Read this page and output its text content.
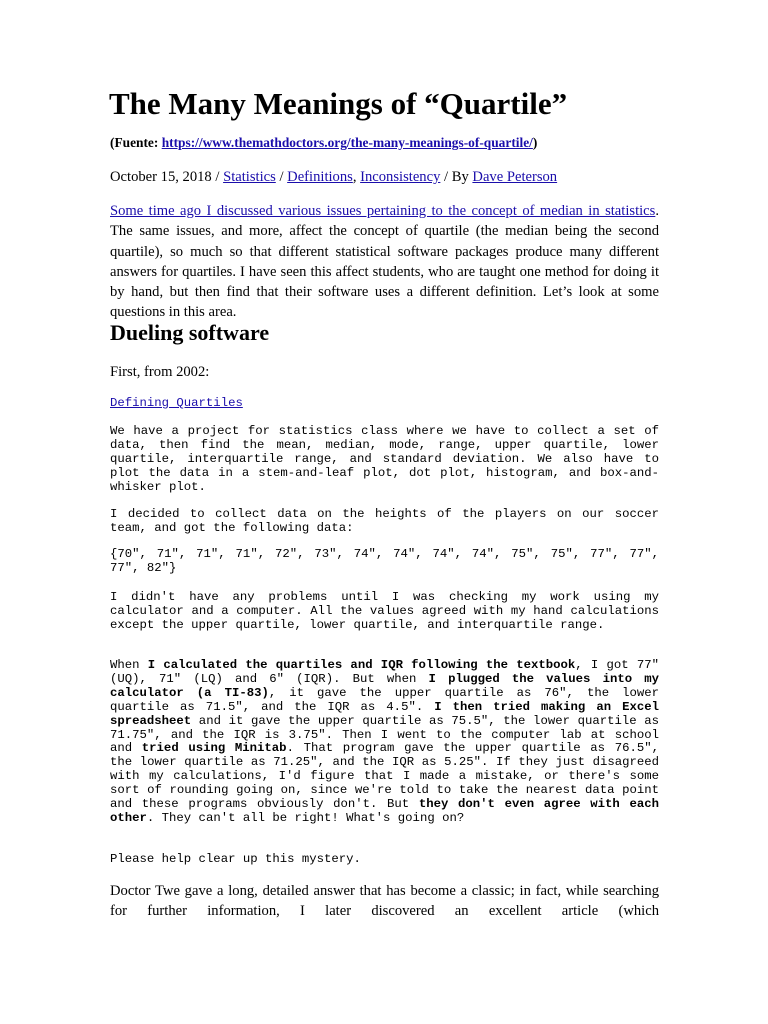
The Many Meanings of “Quartile”

(Fuente: https://www.themathdoctors.org/the-many-meanings-of-quartile/)

October 15, 2018 / Statistics / Definitions, Inconsistency / By Dave Peterson

Some time ago I discussed various issues pertaining to the concept of median in statistics. The same issues, and more, affect the concept of quartile (the median being the second quartile), so much so that different statistical software packages produce many different answers for quartiles. I have seen this affect students, who are taught one method for doing it by hand, but then find that their software uses a different definition. Let’s look at some questions in this area.

Dueling software

First, from 2002:

Defining Quartiles

We have a project for statistics class where we have to collect a set of data, then find the mean, median, mode, range, upper quartile, lower quartile, interquartile range, and standard deviation. We also have to plot the data in a stem-and-leaf plot, dot plot, histogram, and box-and-whisker plot.

I decided to collect data on the heights of the players on our soccer team, and got the following data:

{70", 71", 71", 71", 72", 73", 74", 74", 74", 74", 75", 75", 77", 77", 77", 82"}

I didn't have any problems until I was checking my work using my calculator and a computer. All the values agreed with my hand calculations except the upper quartile, lower quartile, and interquartile range.

When I calculated the quartiles and IQR following the textbook, I got 77" (UQ), 71" (LQ) and 6" (IQR). But when I plugged the values into my calculator (a TI-83), it gave the upper quartile as 76", the lower quartile as 71.5", and the IQR as 4.5". I then tried making an Excel spreadsheet and it gave the upper quartile as 75.5", the lower quartile as 71.75", and the IQR is 3.75". Then I went to the computer lab at school and tried using Minitab. That program gave the upper quartile as 76.5", the lower quartile as 71.25", and the IQR as 5.25". If they just disagreed with my calculations, I'd figure that I made a mistake, or there's some sort of rounding going on, since we're told to take the nearest data point and these programs obviously don't. But they don't even agree with each other. They can't all be right! What's going on?

Please help clear up this mystery.

Doctor Twe gave a long, detailed answer that has become a classic; in fact, while searching for further information, I later discovered an excellent article (which
